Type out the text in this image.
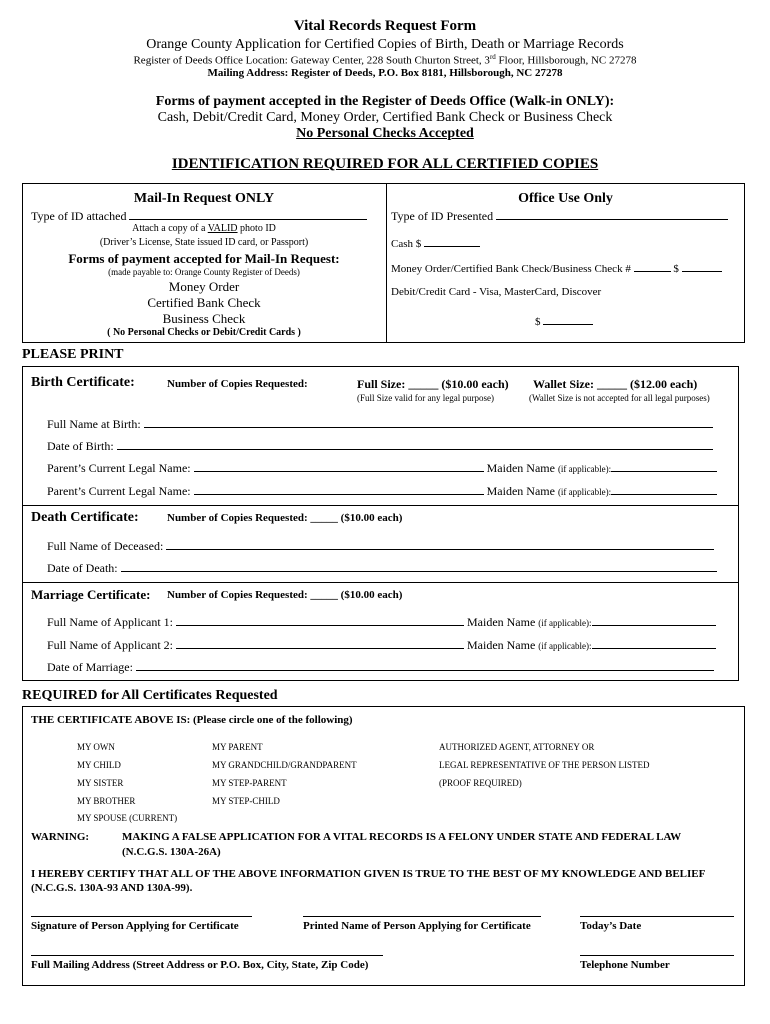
Vital Records Request Form
Orange County Application for Certified Copies of Birth, Death or Marriage Records
Register of Deeds Office Location: Gateway Center, 228 South Churton Street, 3rd Floor, Hillsborough, NC 27278
Mailing Address: Register of Deeds, P.O. Box 8181, Hillsborough, NC 27278
Forms of payment accepted in the Register of Deeds Office (Walk-in ONLY):
Cash, Debit/Credit Card, Money Order, Certified Bank Check or Business Check
No Personal Checks Accepted
IDENTIFICATION REQUIRED FOR ALL CERTIFIED COPIES
Mail-In Request ONLY
Type of ID attached
Attach a copy of a VALID photo ID
(Driver’s License, State issued ID card, or Passport)
Forms of payment accepted for Mail-In Request:
(made payable to: Orange County Register of Deeds)
Money Order
Certified Bank Check
Business Check
( No Personal Checks or Debit/Credit Cards )
Office Use Only
Type of ID Presented
Cash $
Money Order/Certified Bank Check/Business Check #	$
Debit/Credit Card - Visa, MasterCard, Discover
$
PLEASE PRINT
Birth Certificate:	Number of Copies Requested:	Full Size: _____ ($10.00 each)
(Full Size valid for any legal purpose)
Wallet Size: _____ ($12.00 each)
(Wallet Size is not accepted for all legal purposes)
Full Name at Birth:
Date of Birth:
Parent’s Current Legal Name:	Maiden Name (if applicable):
Parent’s Current Legal Name:	Maiden Name (if applicable):
Death Certificate:	Number of Copies Requested: _____ ($10.00 each)
Full Name of Deceased:
Date of Death:
Marriage Certificate: Number of Copies Requested: _____ ($10.00 each)
Full Name of Applicant 1:	Maiden Name (if applicable):
Full Name of Applicant 2:	Maiden Name (if applicable):
Date of Marriage:
REQUIRED for All Certificates Requested
THE CERTIFICATE ABOVE IS: (Please circle one of the following)
MY OWN
MY CHILD
MY SISTER
MY BROTHER
MY SPOUSE (CURRENT)
MY PARENT
MY GRANDCHILD/GRANDPARENT
MY STEP-PARENT
MY STEP-CHILD
AUTHORIZED AGENT, ATTORNEY OR
LEGAL REPRESENTATIVE OF THE PERSON LISTED
(PROOF REQUIRED)
WARNING:	MAKING A FALSE APPLICATION FOR A VITAL RECORDS IS A FELONY UNDER STATE AND FEDERAL LAW
(N.C.G.S. 130A-26A)
I HEREBY CERTIFY THAT ALL OF THE ABOVE INFORMATION GIVEN IS TRUE TO THE BEST OF MY KNOWLEDGE AND BELIEF
(N.C.G.S. 130A-93 AND 130A-99).
Signature of Person Applying for Certificate	Printed Name of Person Applying for Certificate	Today’s Date
Full Mailing Address (Street Address or P.O. Box, City, State, Zip Code)	Telephone Number
